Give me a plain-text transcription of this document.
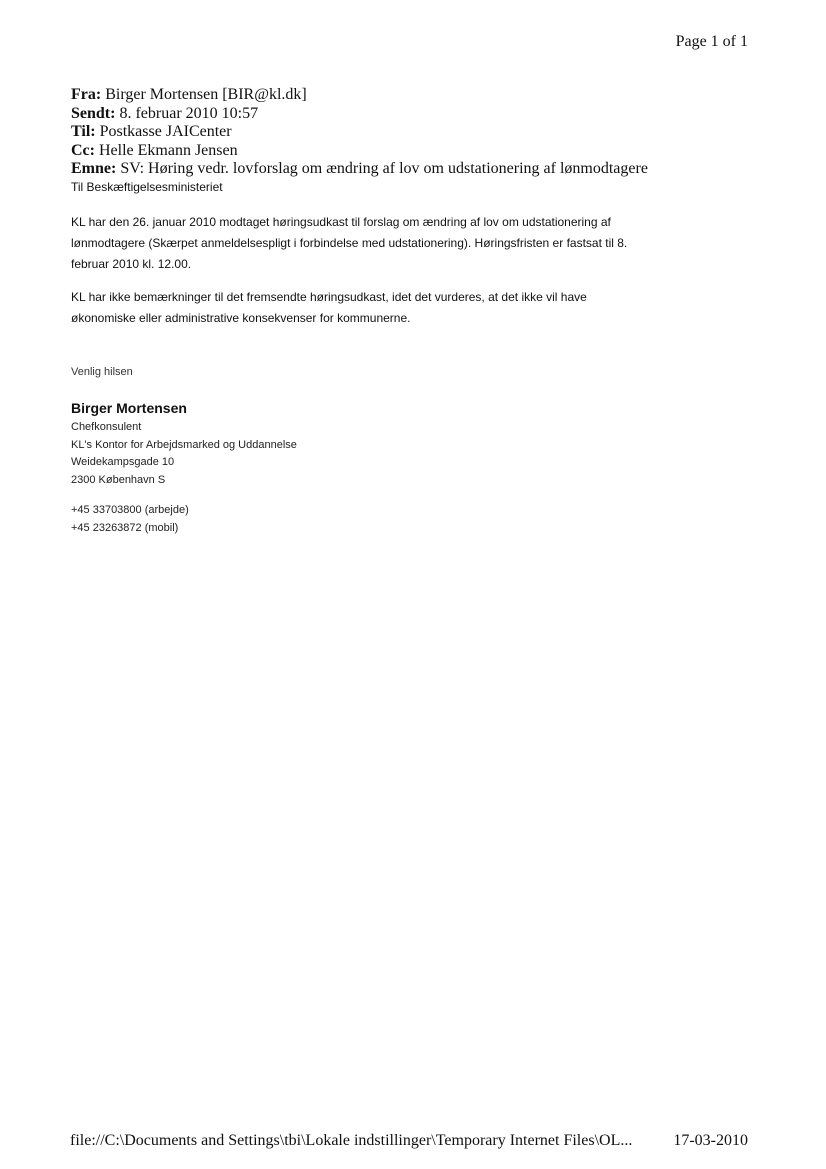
Page 1 of 1
Fra: Birger Mortensen [BIR@kl.dk]
Sendt: 8. februar 2010 10:57
Til: Postkasse JAICenter
Cc: Helle Ekmann Jensen
Emne: SV: Høring vedr. lovforslag om ændring af lov om udstationering af lønmodtagere
Til Beskæftigelsesministeriet
KL har den 26. januar 2010 modtaget høringsudkast til forslag om ændring af lov om udstationering af
lønmodtagere (Skærpet anmeldelsespligt i forbindelse med udstationering). Høringsfristen er fastsat til 8.
februar 2010 kl. 12.00.
KL har ikke bemærkninger til det fremsendte høringsudkast, idet det vurderes, at det ikke vil have
økonomiske eller administrative konsekvenser for kommunerne.
Venlig hilsen
Birger Mortensen
Chefkonsulent
KL's Kontor for Arbejdsmarked og Uddannelse
Weidekampsgade 10
2300 København S
+45 33703800 (arbejde)
+45 23263872 (mobil)
file://C:\Documents and Settings\tbi\Lokale indstillinger\Temporary Internet Files\OL...	17-03-2010
